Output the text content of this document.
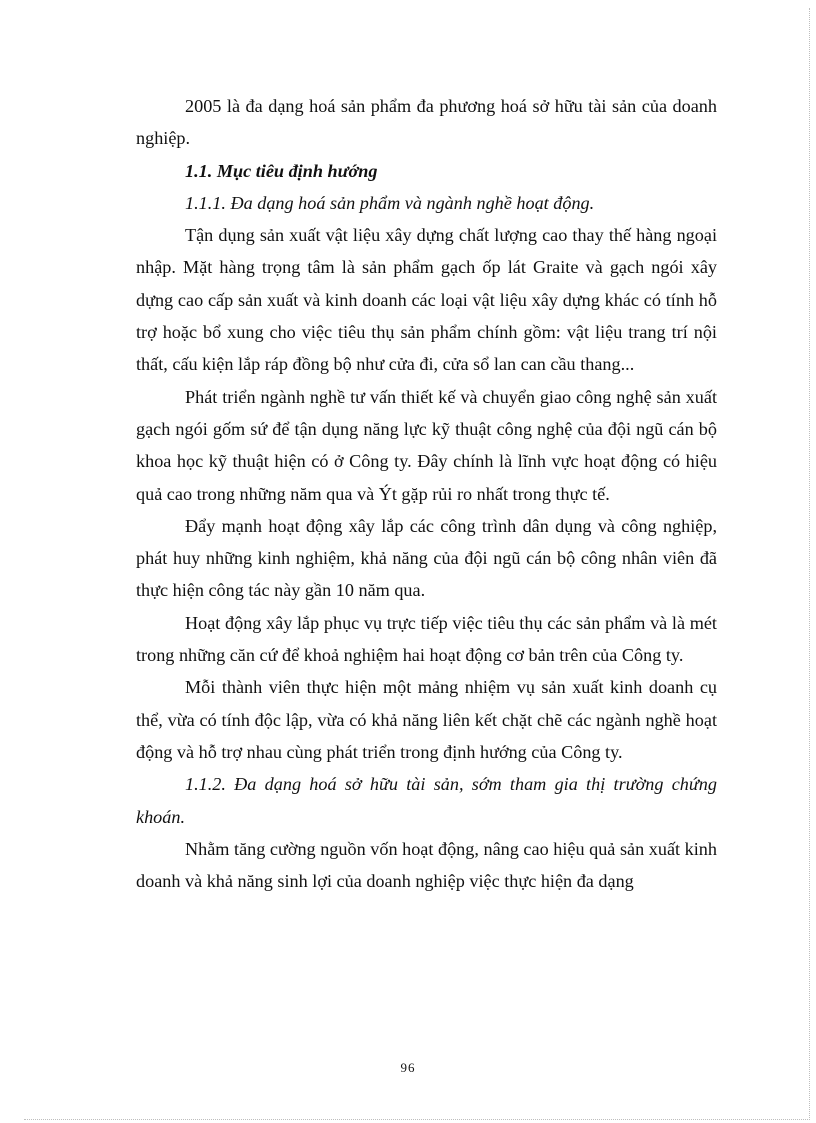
2005 là đa dạng hoá sản phẩm đa phương hoá sở hữu tài sản của doanh nghiệp.

1.1. Mục tiêu định hướng

1.1.1. Đa dạng hoá sản phẩm và ngành nghề hoạt động.

Tận dụng sản xuất vật liệu xây dựng chất lượng cao thay thế hàng ngoại nhập. Mặt hàng trọng tâm là sản phẩm gạch ốp lát Graite và gạch ngói xây dựng cao cấp sản xuất và kinh doanh các loại vật liệu xây dựng khác có tính hỗ trợ hoặc bổ xung cho việc tiêu thụ sản phẩm chính gồm: vật liệu trang trí nội thất, cấu kiện lắp ráp đồng bộ như cửa đi, cửa sổ lan can cầu thang...

Phát triển ngành nghề tư vấn thiết kế và chuyển giao công nghệ sản xuất gạch ngói gốm sứ để tận dụng năng lực kỹ thuật công nghệ của đội ngũ cán bộ khoa học kỹ thuật hiện có ở Công ty. Đây chính là lĩnh vực hoạt động có hiệu quả cao trong những năm qua và Ýt gặp rủi ro nhất trong thực tế.

Đẩy mạnh hoạt động xây lắp các công trình dân dụng và công nghiệp, phát huy những kinh nghiệm, khả năng của đội ngũ cán bộ công nhân viên đã thực hiện công tác này gần 10 năm qua.

Hoạt động xây lắp phục vụ trực tiếp việc tiêu thụ các sản phẩm và là mét trong những căn cứ để khoả nghiệm hai hoạt động cơ bản trên của Công ty.

Mỗi thành viên thực hiện một mảng nhiệm vụ sản xuất kinh doanh cụ thể, vừa có tính độc lập, vừa có khả năng liên kết chặt chẽ các ngành nghề hoạt động và hỗ trợ nhau cùng phát triển trong định hướng của Công ty.

1.1.2. Đa dạng hoá sở hữu tài sản, sớm tham gia thị trường chứng khoán.

Nhằm tăng cường nguồn vốn hoạt động, nâng cao hiệu quả sản xuất kinh doanh và khả năng sinh lợi của doanh nghiệp việc thực hiện đa dạng

96
